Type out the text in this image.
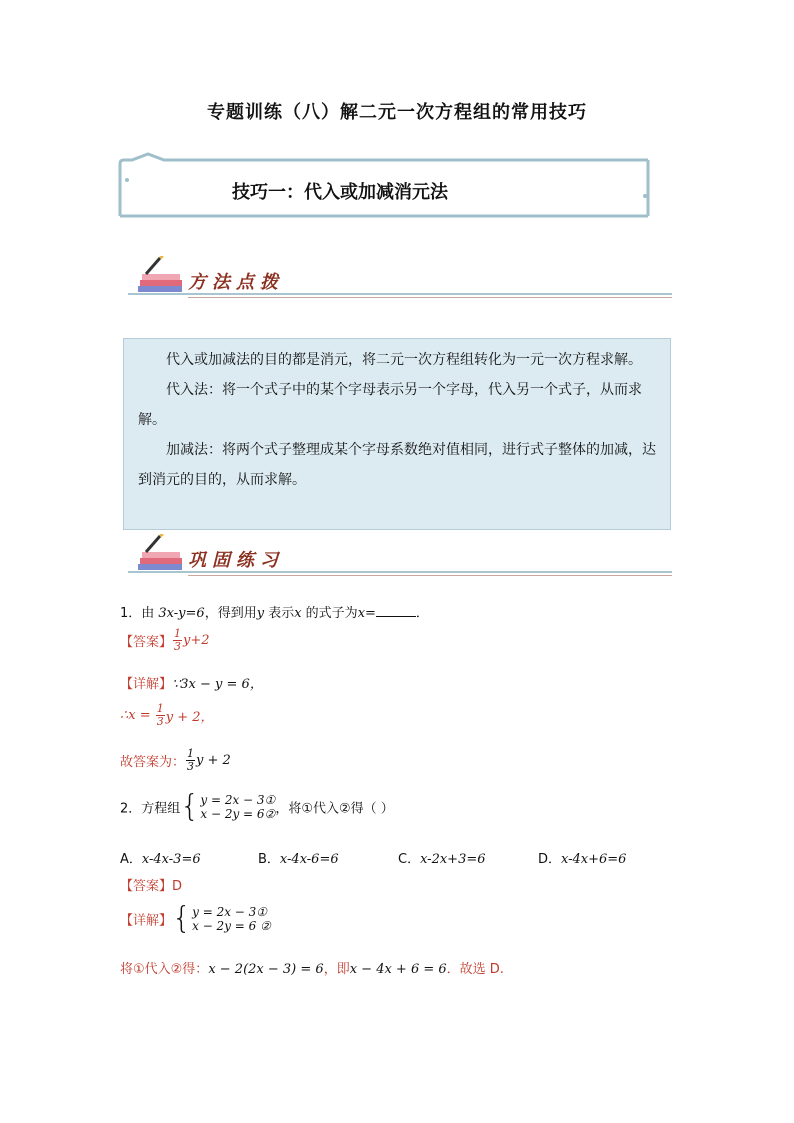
专题训练（八）解二元一次方程组的常用技巧
技巧一：代入或加减消元法
方法点拨

代入或加减法的目的都是消元，将二元一次方程组转化为一元一次方程求解。

代入法：将一个式子中的某个字母表示另一个字母，代入另一个式子，从而求解。

加减法：将两个式子整理成某个字母系数绝对值相同，进行式子整体的加减，达到消元的目的，从而求解。

巩固练习
1．由 3x-y=6，得到用y 表示x 的式子为x=	．
【答案】 $\frac{1}{3} y+2$
【详解】∵3x − y = 6，
∴x = $\frac{1}{3}$ y + 2，
故答案为： $\frac{1}{3}$ y + 2
2．方程组 { y = 2x − 3①
x − 2y = 6② ，将①代入②得（ ）
A．x-4x-3=6	B．x-4x-6=6	C．x-2x+3=6	D．x-4x+6=6
【答案】D
【详解】 { y = 2x − 3①
x − 2y = 6 ②
将①代入②得：x − 2(2x − 3) = 6，即x − 4x + 6 = 6．故选 D.
